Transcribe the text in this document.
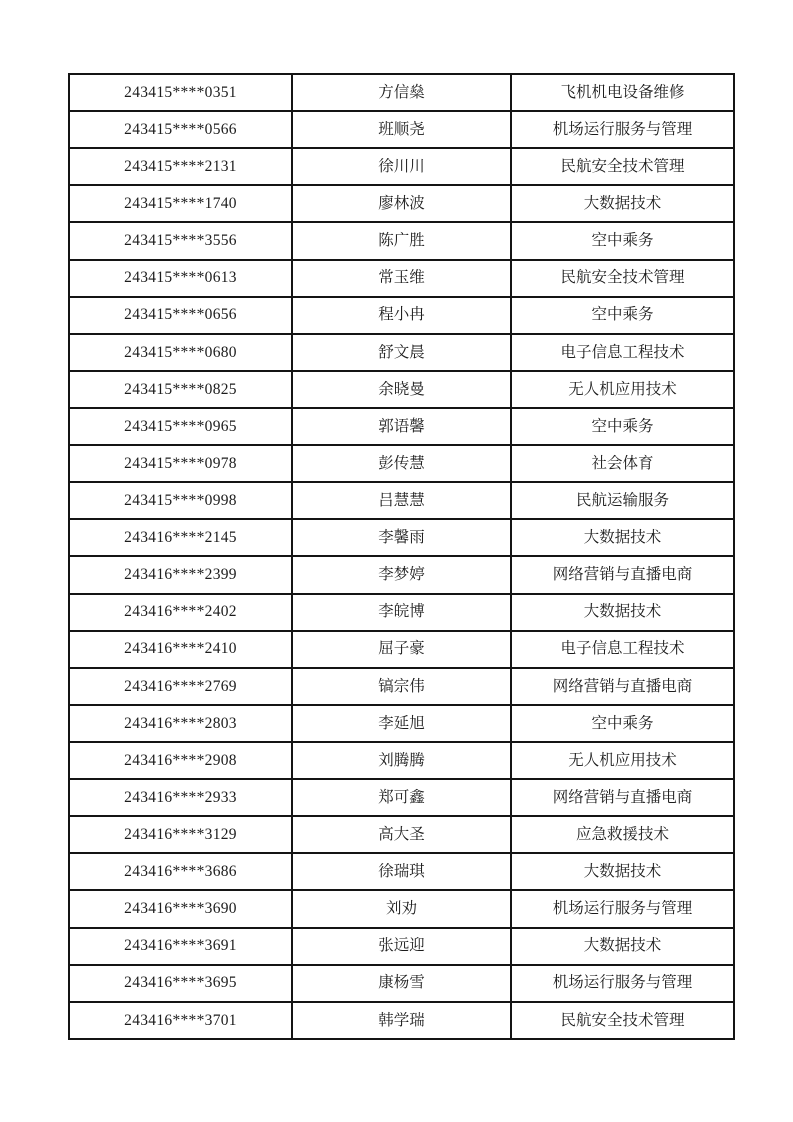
243415****0351	方信燊	飞机机电设备维修
243415****0566	班顺尧	机场运行服务与管理
243415****2131	徐川川	民航安全技术管理
243415****1740	廖林波	大数据技术
243415****3556	陈广胜	空中乘务
243415****0613	常玉维	民航安全技术管理
243415****0656	程小冉	空中乘务
243415****0680	舒文晨	电子信息工程技术
243415****0825	余晓曼	无人机应用技术
243415****0965	郭语馨	空中乘务
243415****0978	彭传慧	社会体育
243415****0998	吕慧慧	民航运输服务
243416****2145	李馨雨	大数据技术
243416****2399	李梦婷	网络营销与直播电商
243416****2402	李皖博	大数据技术
243416****2410	屈子豪	电子信息工程技术
243416****2769	镐宗伟	网络营销与直播电商
243416****2803	李延旭	空中乘务
243416****2908	刘腾腾	无人机应用技术
243416****2933	郑可鑫	网络营销与直播电商
243416****3129	高大圣	应急救援技术
243416****3686	徐瑞琪	大数据技术
243416****3690	刘劝	机场运行服务与管理
243416****3691	张远迎	大数据技术
243416****3695	康杨雪	机场运行服务与管理
243416****3701	韩学瑞	民航安全技术管理
